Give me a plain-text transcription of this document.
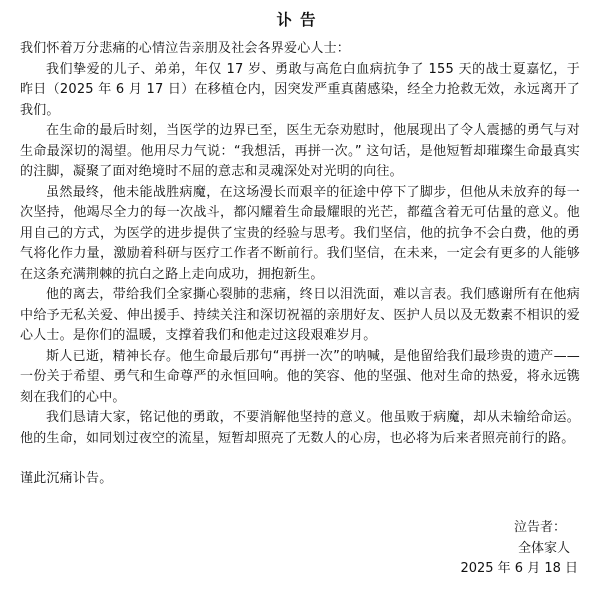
讣告

我们怀着万分悲痛的心情泣告亲朋及社会各界爱心人士：

我们挚爱的儿子、弟弟，年仅 17 岁、勇敢与高危白血病抗争了 155 天的战士夏嘉忆，于昨日（2025 年 6 月 17 日）在移植仓内，因突发严重真菌感染，经全力抢救无效，永远离开了我们。

在生命的最后时刻，当医学的边界已至，医生无奈劝慰时，他展现出了令人震撼的勇气与对生命最深切的渴望。他用尽力气说：“我想活，再拼一次。” 这句话，是他短暂却璀璨生命最真实的注脚，凝聚了面对绝境时不屈的意志和灵魂深处对光明的向往。

虽然最终，他未能战胜病魔，在这场漫长而艰辛的征途中停下了脚步，但他从未放弃的每一次坚持，他竭尽全力的每一次战斗，都闪耀着生命最耀眼的光芒，都蕴含着无可估量的意义。他用自己的方式，为医学的进步提供了宝贵的经验与思考。我们坚信，他的抗争不会白费，他的勇气将化作力量，激励着科研与医疗工作者不断前行。我们坚信，在未来，一定会有更多的人能够在这条充满荆棘的抗白之路上走向成功，拥抱新生。

他的离去，带给我们全家撕心裂肺的悲痛，终日以泪洗面，难以言表。我们感谢所有在他病中给予无私关爱、伸出援手、持续关注和深切祝福的亲朋好友、医护人员以及无数素不相识的爱心人士。是你们的温暖，支撑着我们和他走过这段艰难岁月。

斯人已逝，精神长存。他生命最后那句“再拼一次”的呐喊，是他留给我们最珍贵的遗产——一份关于希望、勇气和生命尊严的永恒回响。他的笑容、他的坚强、他对生命的热爱，将永远镌刻在我们的心中。

我们恳请大家，铭记他的勇敢，不要消解他坚持的意义。他虽败于病魔，却从未输给命运。他的生命，如同划过夜空的流星，短暂却照亮了无数人的心房，也必将为后来者照亮前行的路。

谨此沉痛讣告。

泣告者：
全体家人
2025 年 6 月 18 日
